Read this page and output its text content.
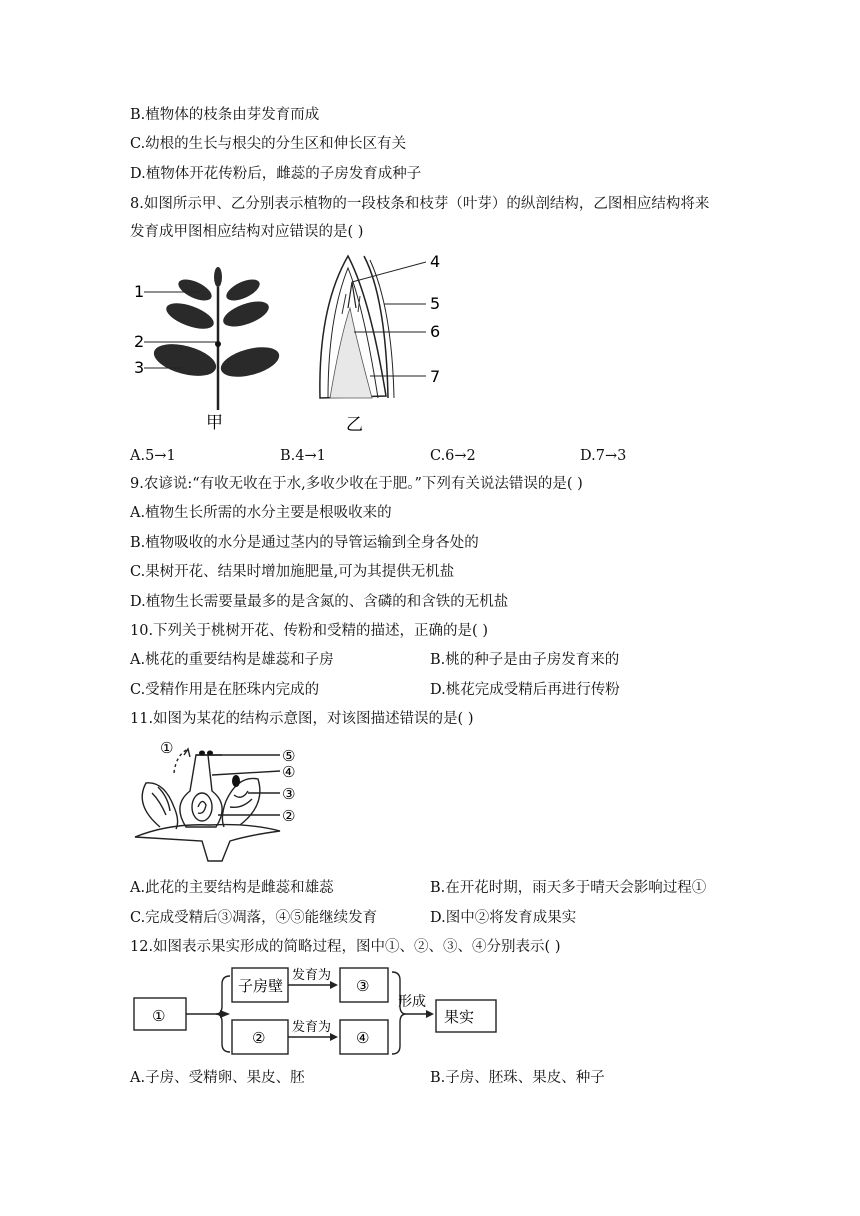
B.植物体的枝条由芽发育而成
C.幼根的生长与根尖的分生区和伸长区有关
D.植物体开花传粉后，雌蕊的子房发育成种子
8.如图所示甲、乙分别表示植物的一段枝条和枝芽（叶芽）的纵剖结构，乙图相应结构将来
发育成甲图相应结构对应错误的是( )
1
2
3
甲
4
5
6
7
乙
A.5→1	B.4→1	C.6→2	D.7→3
9.农谚说:“有收无收在于水,多收少收在于肥。”下列有关说法错误的是( )
A.植物生长所需的水分主要是根吸收来的
B.植物吸收的水分是通过茎内的导管运输到全身各处的
C.果树开花、结果时增加施肥量,可为其提供无机盐
D.植物生长需要量最多的是含氮的、含磷的和含铁的无机盐
10.下列关于桃树开花、传粉和受精的描述，正确的是( )
A.桃花的重要结构是雄蕊和子房	B.桃的种子是由子房发育来的
C.受精作用是在胚珠内完成的	D.桃花完成受精后再进行传粉
11.如图为某花的结构示意图，对该图描述错误的是( )
①	⑤
④
③
②
A.此花的主要结构是雌蕊和雄蕊	B.在开花时期，雨天多于晴天会影响过程①
C.完成受精后③凋落，④⑤能继续发育	D.图中②将发育成果实
12.如图表示果实形成的简略过程，图中①、②、③、④分别表示( )
①
子房壁
②
③
④
发育为
发育为
形成
果实
A.子房、受精卵、果皮、胚	B.子房、胚珠、果皮、种子
